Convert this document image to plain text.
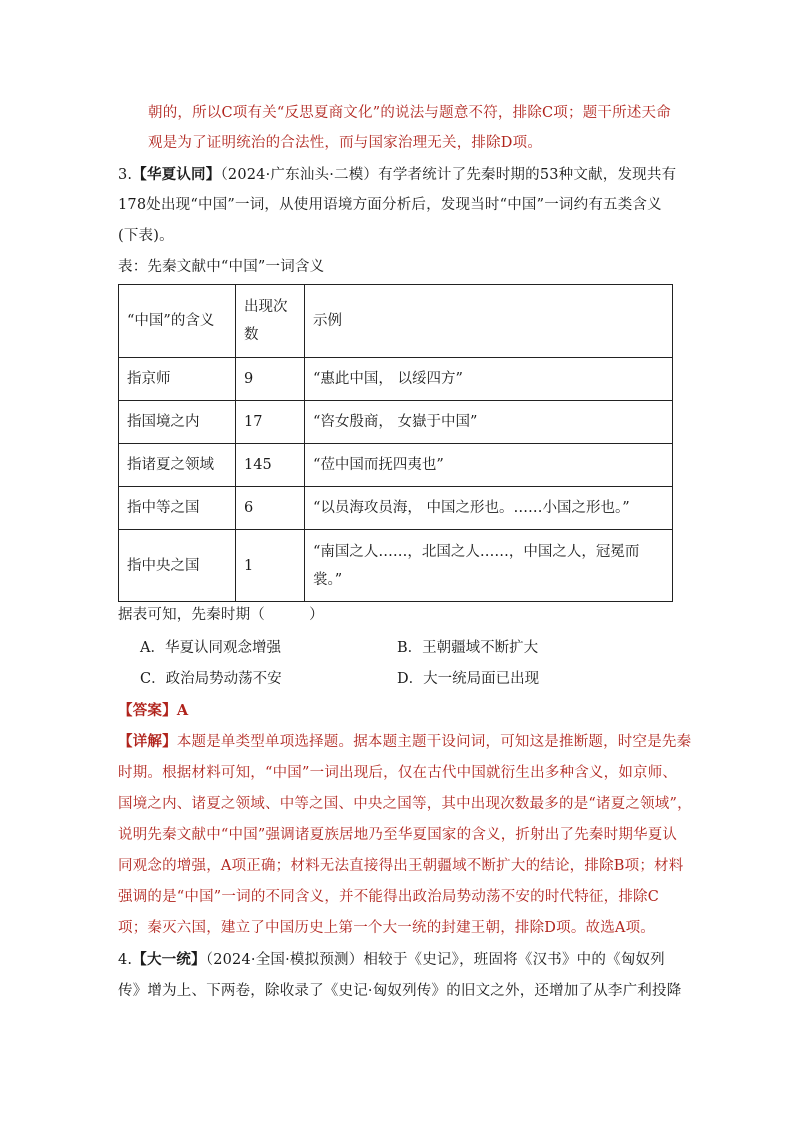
朝的，所以C项有关“反思夏商文化”的说法与题意不符，排除C项；题干所述天命
观是为了证明统治的合法性，而与国家治理无关，排除D项。
3.【华夏认同】（2024·广东汕头·二模）有学者统计了先秦时期的53种文献，发现共有
178处出现“中国”一词，从使用语境方面分析后，发现当时“中国”一词约有五类含义
(下表)。
表：先秦文献中“中国”一词含义
“中国”的含义	出现次数	示例
指京师	9	“惠此中国， 以绥四方”
指国境之内	17	“咨女殷商， 女嶽于中国”
指诸夏之领域	145	“莅中国而抚四夷也”
指中等之国	6	“以员海攻员海， 中国之形也。……小国之形也。”
指中央之国	1	“南国之人……，北国之人……，中国之人，冠冕而裳。”
据表可知，先秦时期（　　　）
A．华夏认同观念增强	B．王朝疆域不断扩大
C．政治局势动荡不安	D．大一统局面已出现
【答案】A
【详解】本题是单类型单项选择题。据本题主题干设问词，可知这是推断题，时空是先秦
时期。根据材料可知，“中国”一词出现后，仅在古代中国就衍生出多种含义，如京师、
国境之内、诸夏之领域、中等之国、中央之国等，其中出现次数最多的是“诸夏之领域”，
说明先秦文献中“中国”强调诸夏族居地乃至华夏国家的含义，折射出了先秦时期华夏认
同观念的增强，A项正确；材料无法直接得出王朝疆域不断扩大的结论，排除B项；材料
强调的是“中国”一词的不同含义，并不能得出政治局势动荡不安的时代特征，排除C
项；秦灭六国，建立了中国历史上第一个大一统的封建王朝，排除D项。故选A项。
4.【大一统】（2024·全国·模拟预测）相较于《史记》，班固将《汉书》中的《匈奴列
传》增为上、下两卷，除收录了《史记·匈奴列传》的旧文之外，还增加了从李广利投降
